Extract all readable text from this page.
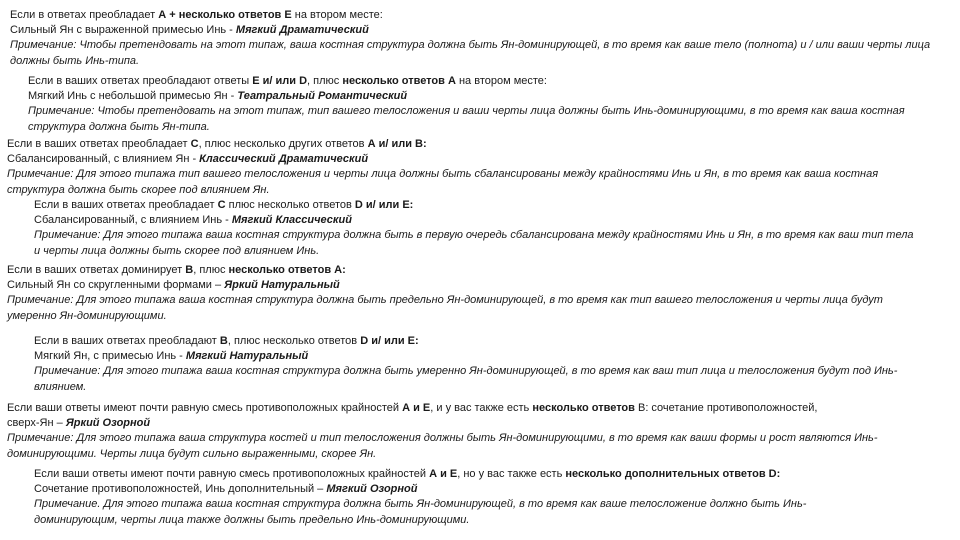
Если в ответах преобладает А + несколько ответов E на втором месте:
Сильный Ян с выраженной примесью Инь - Мягкий Драматический
Примечание: Чтобы претендовать на этот типаж, ваша костная структура должна быть Ян-доминирующей, в то время как ваше тело (полнота) и / или ваши черты лица должны быть Инь-типа.
Если в ваших ответах преобладают ответы E и/ или D, плюс несколько ответов А на втором месте:
Мягкий Инь с небольшой примесью Ян - Театральный Романтический
Примечание: Чтобы претендовать на этот типаж, тип вашего телосложения и ваши черты лица должны быть Инь-доминирующими, в то время как ваша костная структура должна быть Ян-типа.
Если в ваших ответах преобладает C, плюс несколько других ответов А и/ или В:
Сбалансированный, с влиянием Ян - Классический Драматический
Примечание: Для этого типажа тип вашего телосложения и черты лица должны быть сбалансированы между крайностями Инь и Ян, в то время как ваша костная структура должна быть скорее под влиянием Ян.
Если в ваших ответах преобладает C плюс несколько ответов D и/ или Е:
Сбалансированный, с влиянием Инь - Мягкий Классический
Примечание: Для этого типажа ваша костная структура должна быть в первую очередь сбалансирована между крайностями Инь и Ян, в то время как ваш тип тела и черты лица должны быть скорее под влиянием Инь.
Если в ваших ответах доминирует B, плюс несколько ответов А:
Сильный Ян со скругленными формами – Яркий Натуральный
Примечание: Для этого типажа ваша костная структура должна быть предельно Ян-доминирующей, в то время как тип вашего телосложения и черты лица будут умеренно Ян-доминирующими.
Если в ваших ответах преобладают B, плюс несколько ответов D и/ или Е:
Мягкий Ян, с примесью Инь - Мягкий Натуральный
Примечание: Для этого типажа ваша костная структура должна быть умеренно Ян-доминирующей, в то время как ваш тип лица и телосложения будут под Инь-влиянием.
Если ваши ответы имеют почти равную смесь противоположных крайностей А и Е, и у вас также есть несколько ответов B: сочетание противоположностей,
сверх-Ян – Яркий Озорной
Примечание: Для этого типажа ваша структура костей и тип телосложения должны быть Ян-доминирующими, в то время как ваши формы и рост являются Инь-доминирующими. Черты лица будут сильно выраженными, скорее Ян.
Если ваши ответы имеют почти равную смесь противоположных крайностей А и Е, но у вас также есть несколько дополнительных ответов D:
Сочетание противоположностей, Инь дополнительный – Мягкий Озорной
Примечание. Для этого типажа ваша костная структура должна быть Ян-доминирующей, в то время как ваше телосложение должно быть Инь-доминирующим, черты лица также должны быть предельно Инь-доминирующими.
